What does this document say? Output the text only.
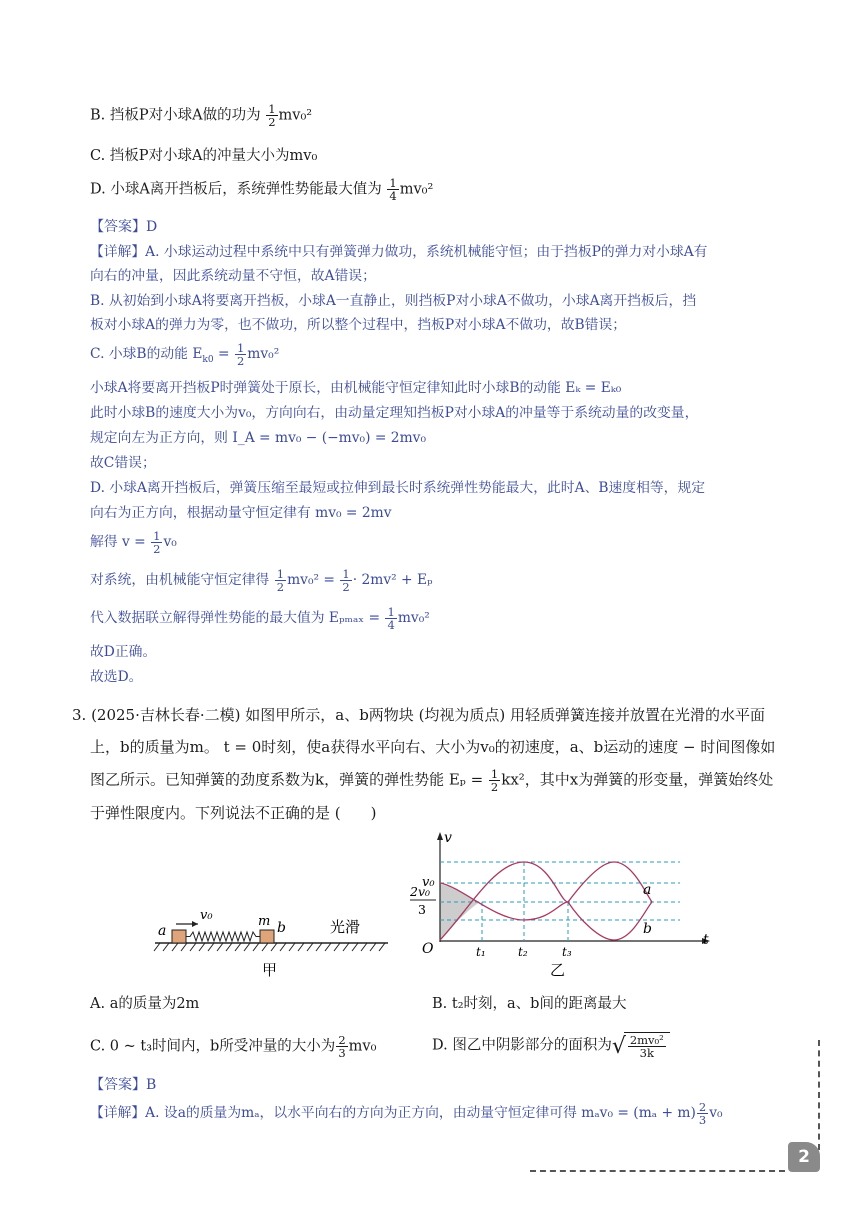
B. 挡板P对小球A做的功为 $\frac{1}{2} mv_0^2$
C. 挡板P对小球A的冲量大小为mv₀
D. 小球A离开挡板后，系统弹性势能最大值为 $\frac{1}{4} mv_0^2$
【答案】D
【详解】A. 小球运动过程中系统中只有弹簧弹力做功，系统机械能守恒；由于挡板P的弹力对小球A有
向右的冲量，因此系统动量不守恒，故A错误；
B. 从初始到小球A将要离开挡板，小球A一直静止，则挡板P对小球A不做功，小球A离开挡板后，挡
板对小球A的弹力为零，也不做功，所以整个过程中，挡板P对小球A不做功，故B错误；
C. 小球B的动能 $E_{k0} = \frac{1}{2} mv_0^2$
小球A将要离开挡板P时弹簧处于原长，由机械能守恒定律知此时小球B的动能 Eₖ = Eₖ₀
此时小球B的速度大小为v₀，方向向右，由动量定理知挡板P对小球A的冲量等于系统动量的改变量，
规定向左为正方向，则 I_A = mv₀ − (−mv₀) = 2mv₀
故C错误；
D. 小球A离开挡板后，弹簧压缩至最短或拉伸到最长时系统弹性势能最大，此时A、B速度相等，规定
向右为正方向，根据动量守恒定律有 mv₀ = 2mv
解得 $v = \frac{1}{2} v_0$
对系统，由机械能守恒定律得 $\frac{1}{2} mv_0^2 = \frac{1}{2} \cdot 2mv^2 + E_p$
代入数据联立解得弹性势能的最大值为 $E_{pmax} = \frac{1}{4} mv_0^2$
故D正确。
故选D。
3. (2025·吉林长春·二模) 如图甲所示，a、b两物块 (均视为质点) 用轻质弹簧连接并放置在光滑的水平面
上，b的质量为m。 t = 0时刻，使a获得水平向右、大小为v₀的初速度，a、b运动的速度 − 时间图像如
图乙所示。已知弹簧的劲度系数为k，弹簧的弹性势能 $E_p = \frac{1}{2} kx^2$，其中x为弹簧的形变量，弹簧始终处
于弹性限度内。下列说法不正确的是 (　　)
a
v₀	m b	光滑
甲
v
t
O
v₀
2v₀
3
t₁	t₂	t₃
a
b
乙
A. a的质量为2m	B. t₂时刻，a、b间的距离最大
C. 0 ~ t₃时间内，b所受冲量的大小为 $\frac{2}{3} mv_0$	D. 图乙中阴影部分的面积为 √ $\frac{\text{2mv₀²}}{3k}$
【答案】B
【详解】A. 设a的质量为mₐ，以水平向右的方向为正方向，由动量守恒定律可得 $m_av_0 = (m_a + m) \frac{2}{3} v_0$
2
